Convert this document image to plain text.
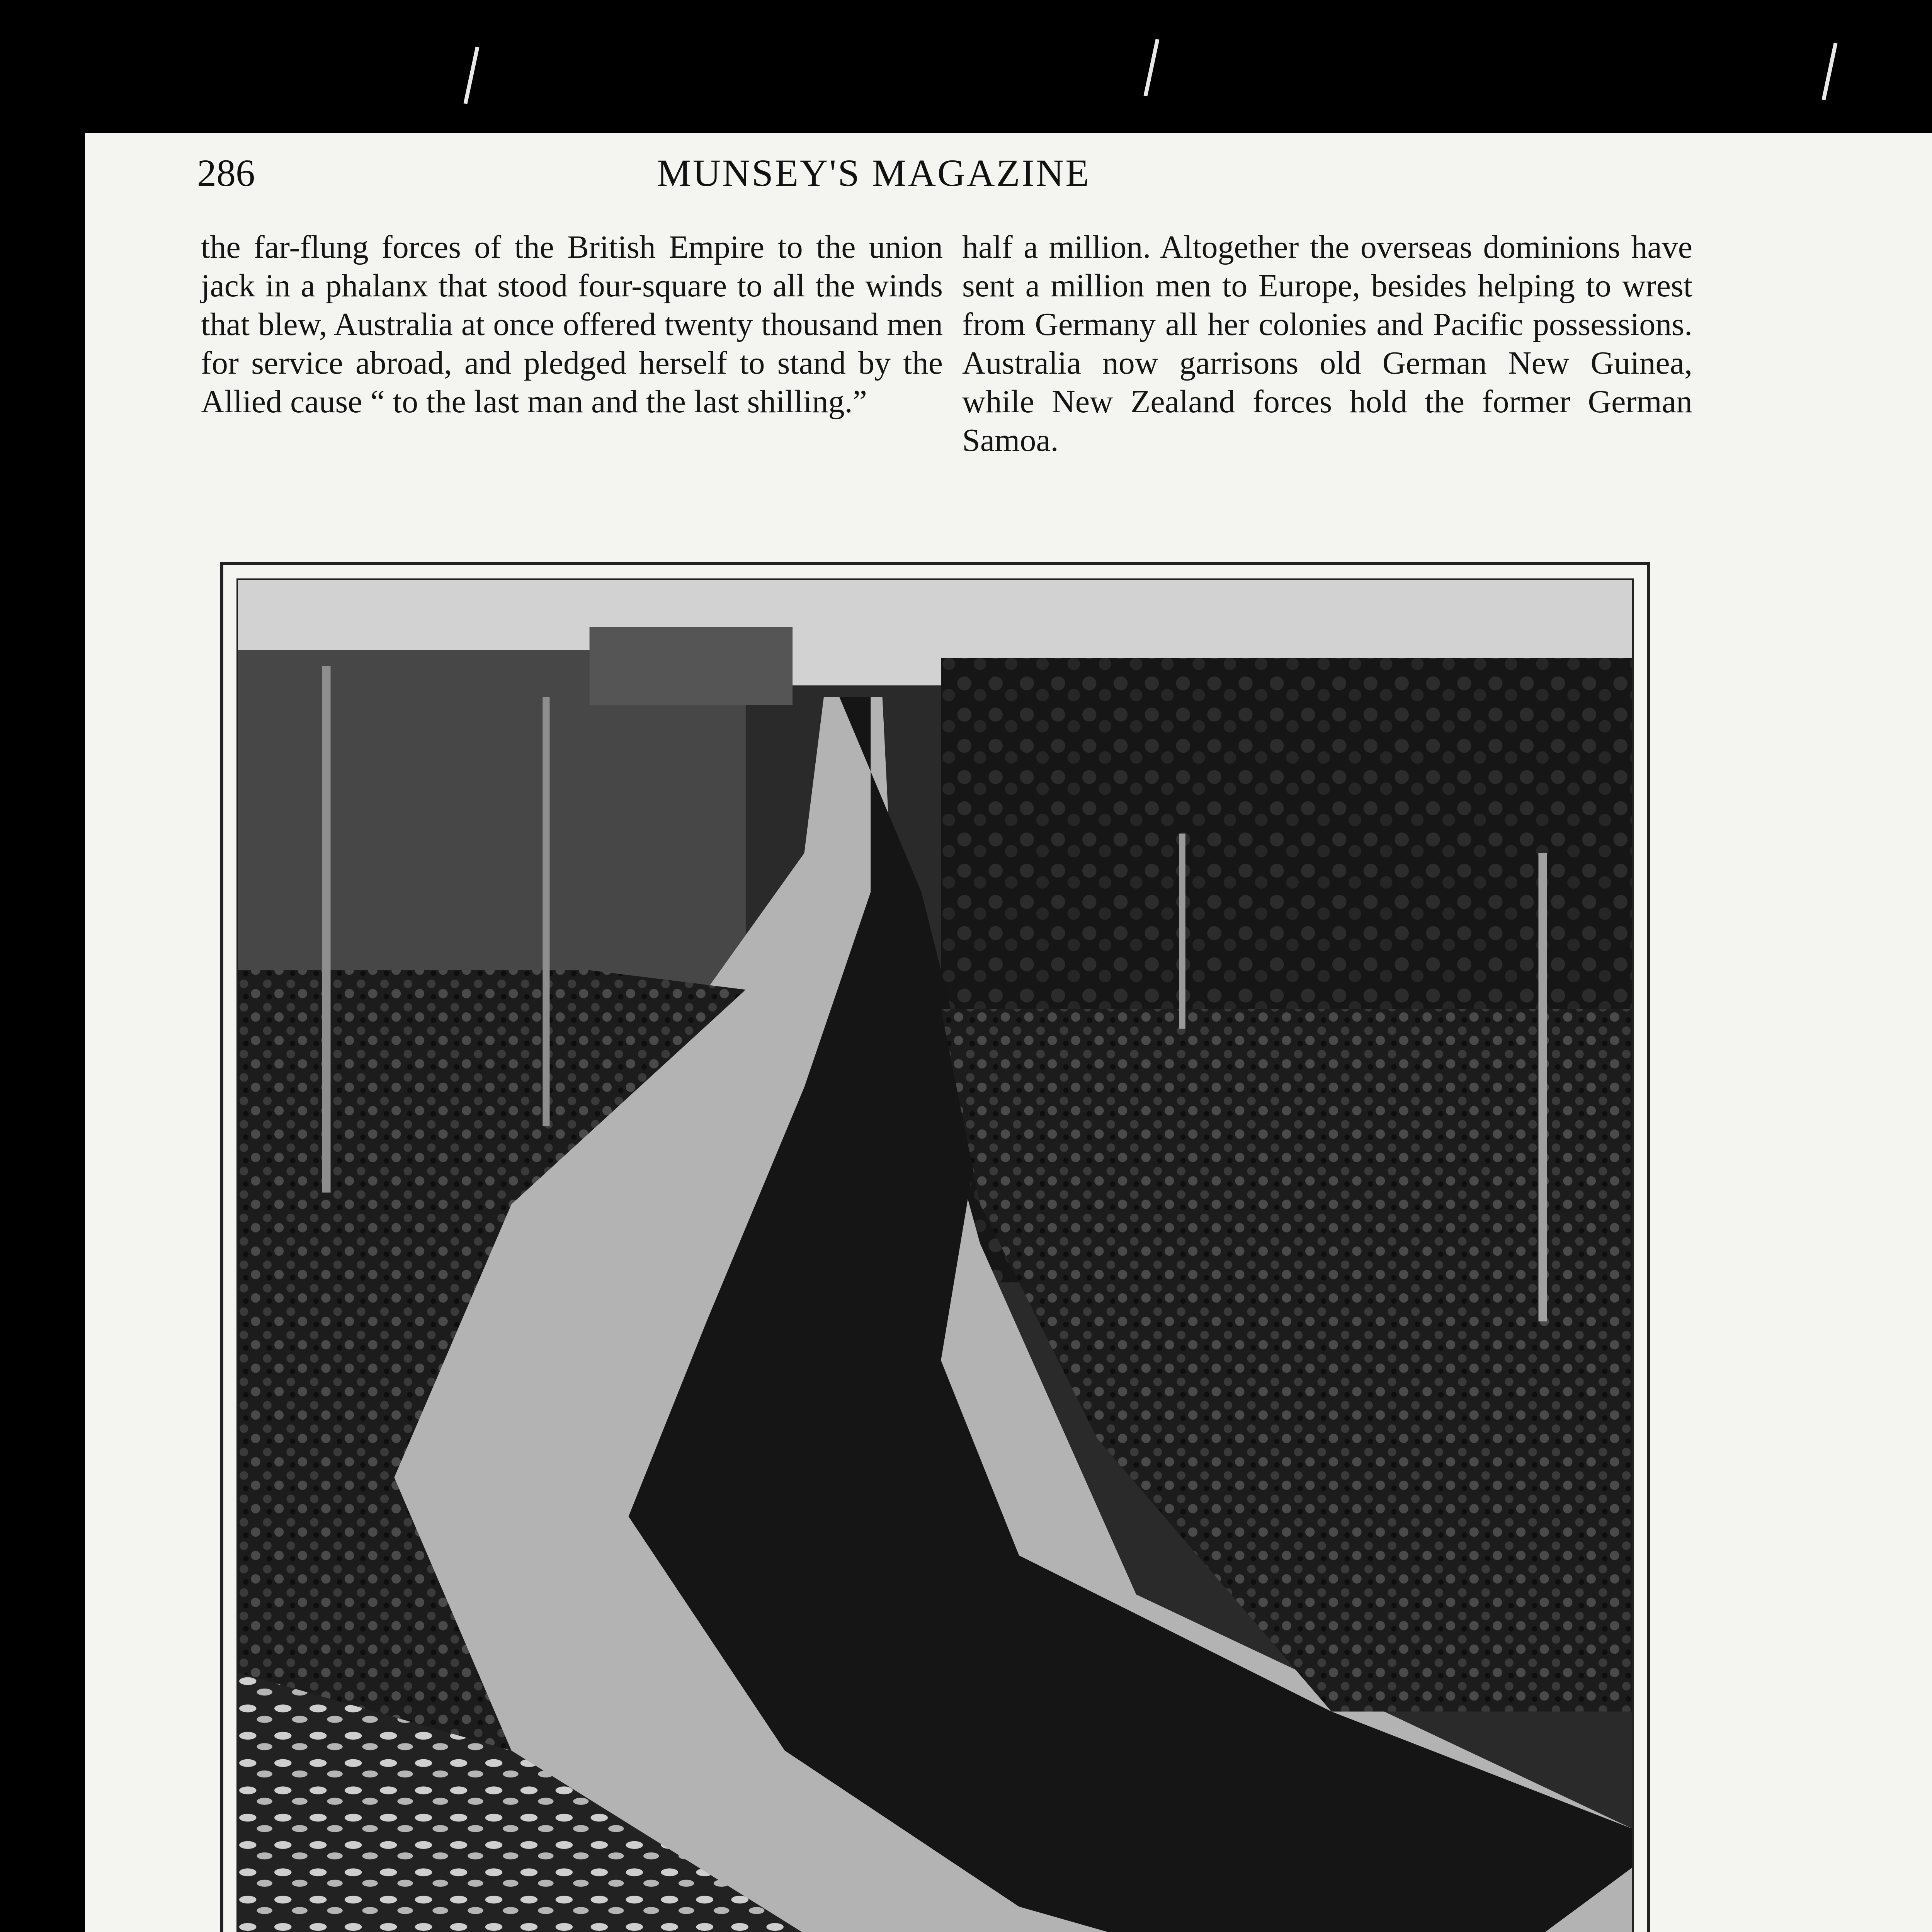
286	MUNSEY'S MAGAZINE

the far-flung forces of the British Empire to the union jack in a phalanx that stood four-square to all the winds that blew, Australia at once offered twenty thousand men for service abroad, and pledged herself to stand by the Allied cause “ to the last man and the last shilling.”

half a million. Altogether the overseas dominions have sent a million men to Europe, besides helping to wrest from Germany all her colonies and Pacific possessions. Australia now garrisons old German New Guinea, while New Zealand forces hold the former German Samoa.
